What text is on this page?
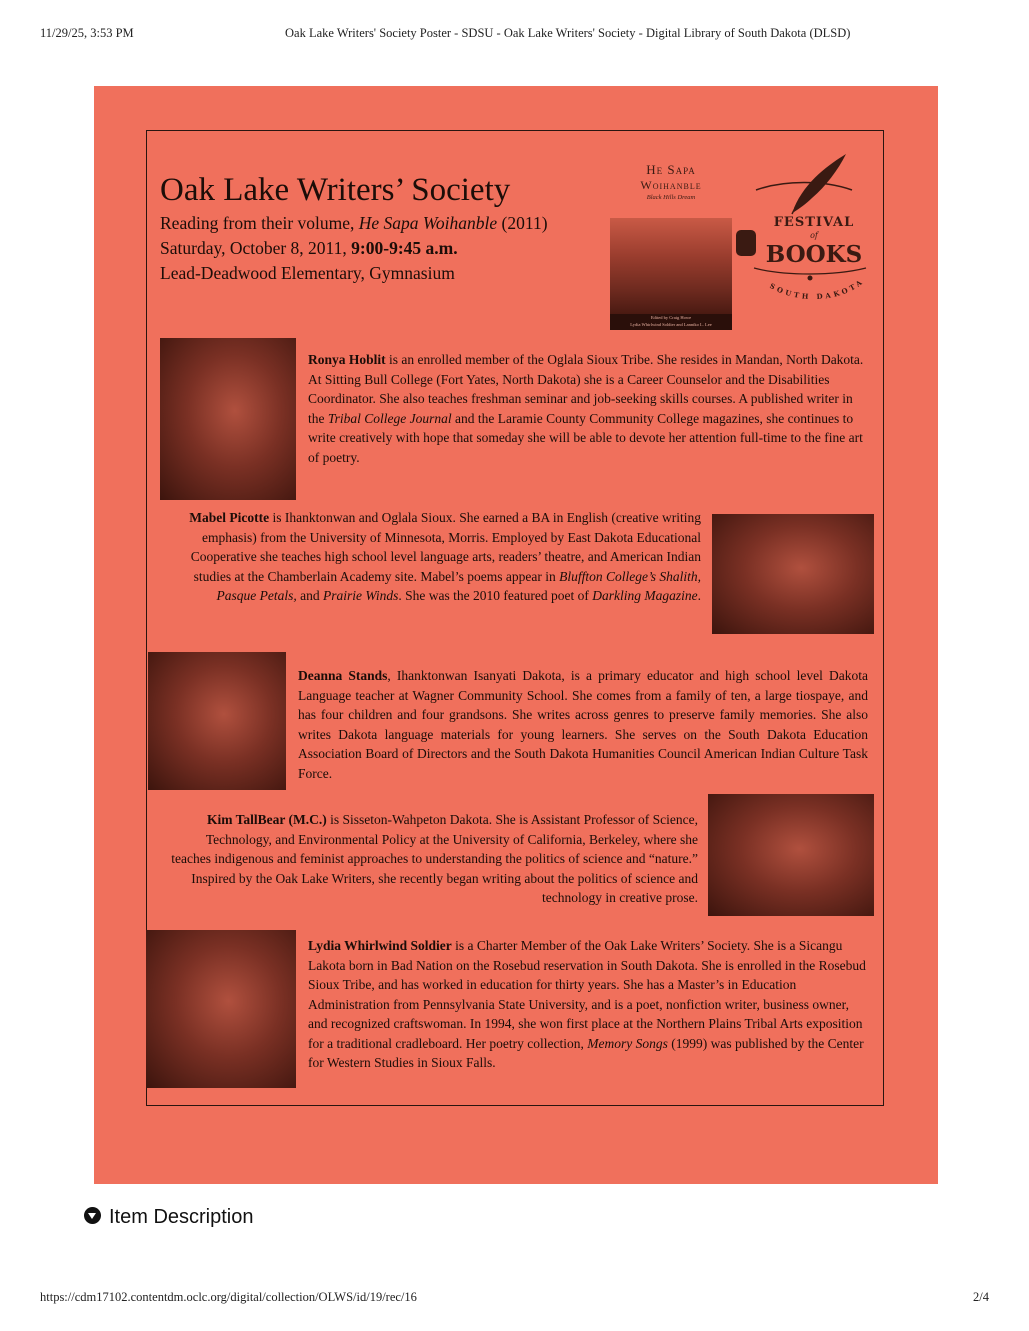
11/29/25, 3:53 PM	Oak Lake Writers' Society Poster - SDSU - Oak Lake Writers' Society - Digital Library of South Dakota (DLSD)
Oak Lake Writers’ Society
Reading from their volume, He Sapa Woihanble (2011)
Saturday, October 8, 2011, 9:00-9:45 a.m.
Lead-Deadwood Elementary, Gymnasium
He Sapa
Woihanble
Black Hills Dream
Edited by Craig Howe
Lydia Whirlwind Soldier and Lanniko L. Lee
FESTIVAL
of
BOOKS
SOUTH DAKOTA

Ronya Hoblit is an enrolled member of the Oglala Sioux Tribe. She resides in Mandan, North Dakota. At Sitting Bull College (Fort Yates, North Dakota) she is a Career Counselor and the Disabilities Coordinator. She also teaches freshman seminar and job-seeking skills courses. A published writer in the Tribal College Journal and the Laramie County Community College magazines, she continues to write creatively with hope that someday she will be able to devote her attention full-time to the fine art of poetry.

Mabel Picotte is Ihanktonwan and Oglala Sioux. She earned a BA in English (creative writing emphasis) from the University of Minnesota, Morris. Employed by East Dakota Educational Cooperative she teaches high school level language arts, readers’ theatre, and American Indian studies at the Chamberlain Academy site. Mabel’s poems appear in Bluffton College’s Shalith, Pasque Petals, and Prairie Winds. She was the 2010 featured poet of Darkling Magazine.

Deanna Stands, Ihanktonwan Isanyati Dakota, is a primary educator and high school level Dakota Language teacher at Wagner Community School. She comes from a family of ten, a large tiospaye, and has four children and four grandsons. She writes across genres to preserve family memories. She also writes Dakota language materials for young learners. She serves on the South Dakota Education Association Board of Directors and the South Dakota Humanities Council American Indian Culture Task Force.

Kim TallBear (M.C.) is Sisseton-Wahpeton Dakota. She is Assistant Professor of Science, Technology, and Environmental Policy at the University of California, Berkeley, where she teaches indigenous and feminist approaches to understanding the politics of science and “nature.” Inspired by the Oak Lake Writers, she recently began writing about the politics of science and technology in creative prose.

Lydia Whirlwind Soldier is a Charter Member of the Oak Lake Writers’ Society. She is a Sicangu Lakota born in Bad Nation on the Rosebud reservation in South Dakota. She is enrolled in the Rosebud Sioux Tribe, and has worked in education for thirty years. She has a Master’s in Education Administration from Pennsylvania State University, and is a poet, nonfiction writer, business owner, and recognized craftswoman. In 1994, she won first place at the Northern Plains Tribal Arts exposition for a traditional cradleboard. Her poetry collection, Memory Songs (1999) was published by the Center for Western Studies in Sioux Falls.

Item Description
https://cdm17102.contentdm.oclc.org/digital/collection/OLWS/id/19/rec/16	2/4
